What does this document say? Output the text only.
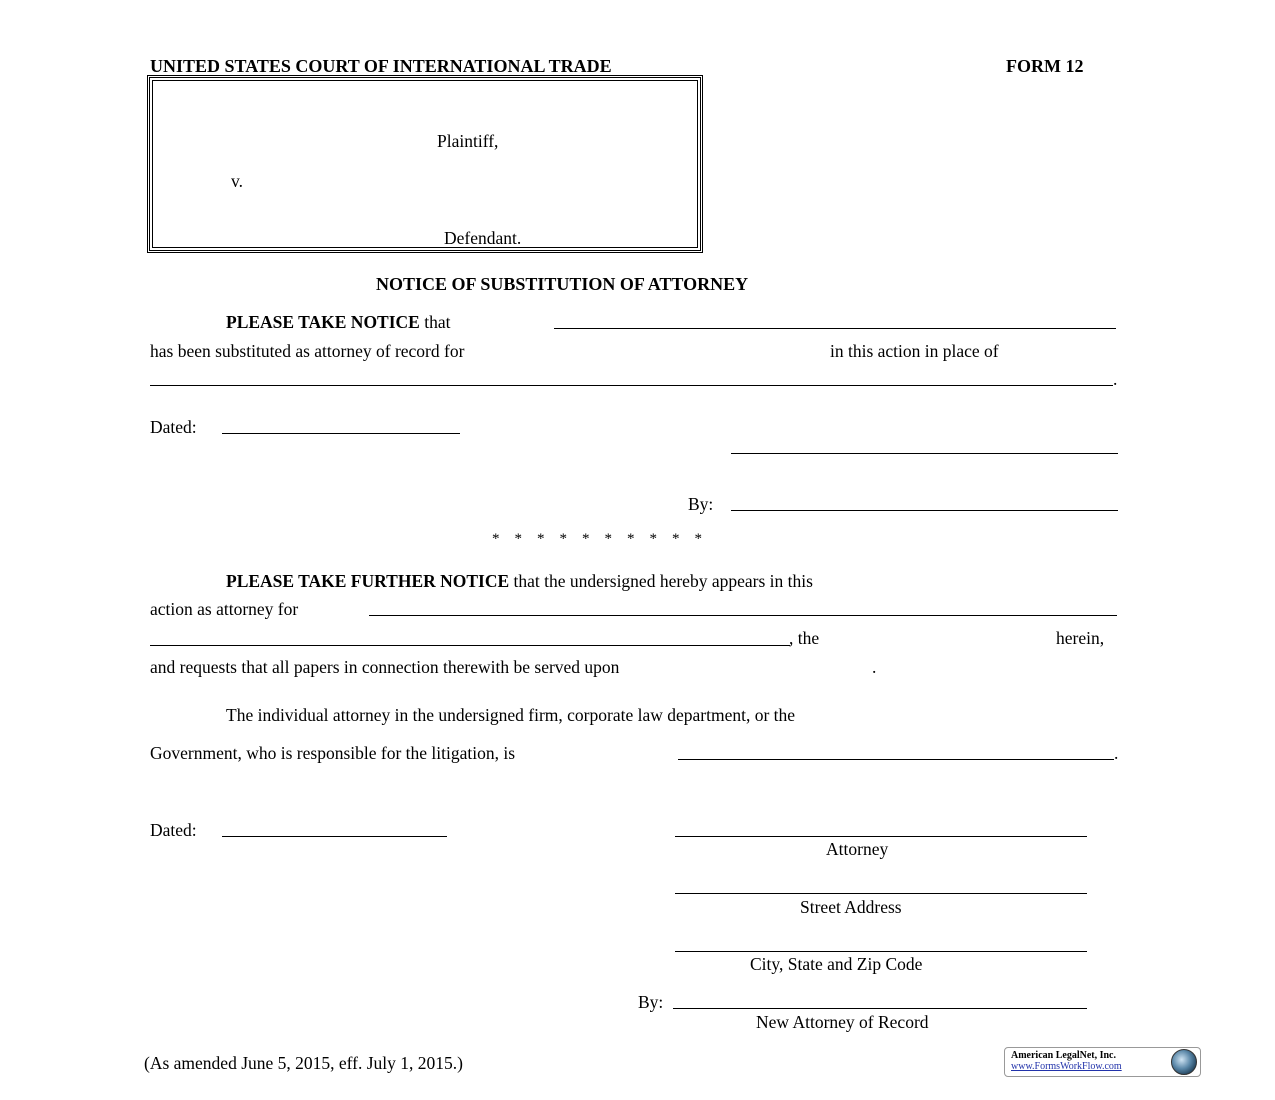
UNITED STATES COURT OF INTERNATIONAL TRADE	FORM 12
Plaintiff,
v.
Defendant.
NOTICE OF SUBSTITUTION OF ATTORNEY
PLEASE TAKE NOTICE that
has been substituted as attorney of record for	in this action in place of
.
Dated:
By:
*    *    *    *    *    *    *    *    *    *
PLEASE TAKE FURTHER NOTICE that the undersigned hereby appears in this
action as attorney for
, the	herein,
and requests that all papers in connection therewith be served upon	.
The individual attorney in the undersigned firm, corporate law department, or the
Government, who is responsible for the litigation, is	.
Dated:
Attorney
Street Address
City, State and Zip Code
By:
New Attorney of Record
(As amended June 5, 2015, eff. July 1, 2015.)	American LegalNet, Inc.
www.FormsWorkFlow.com
